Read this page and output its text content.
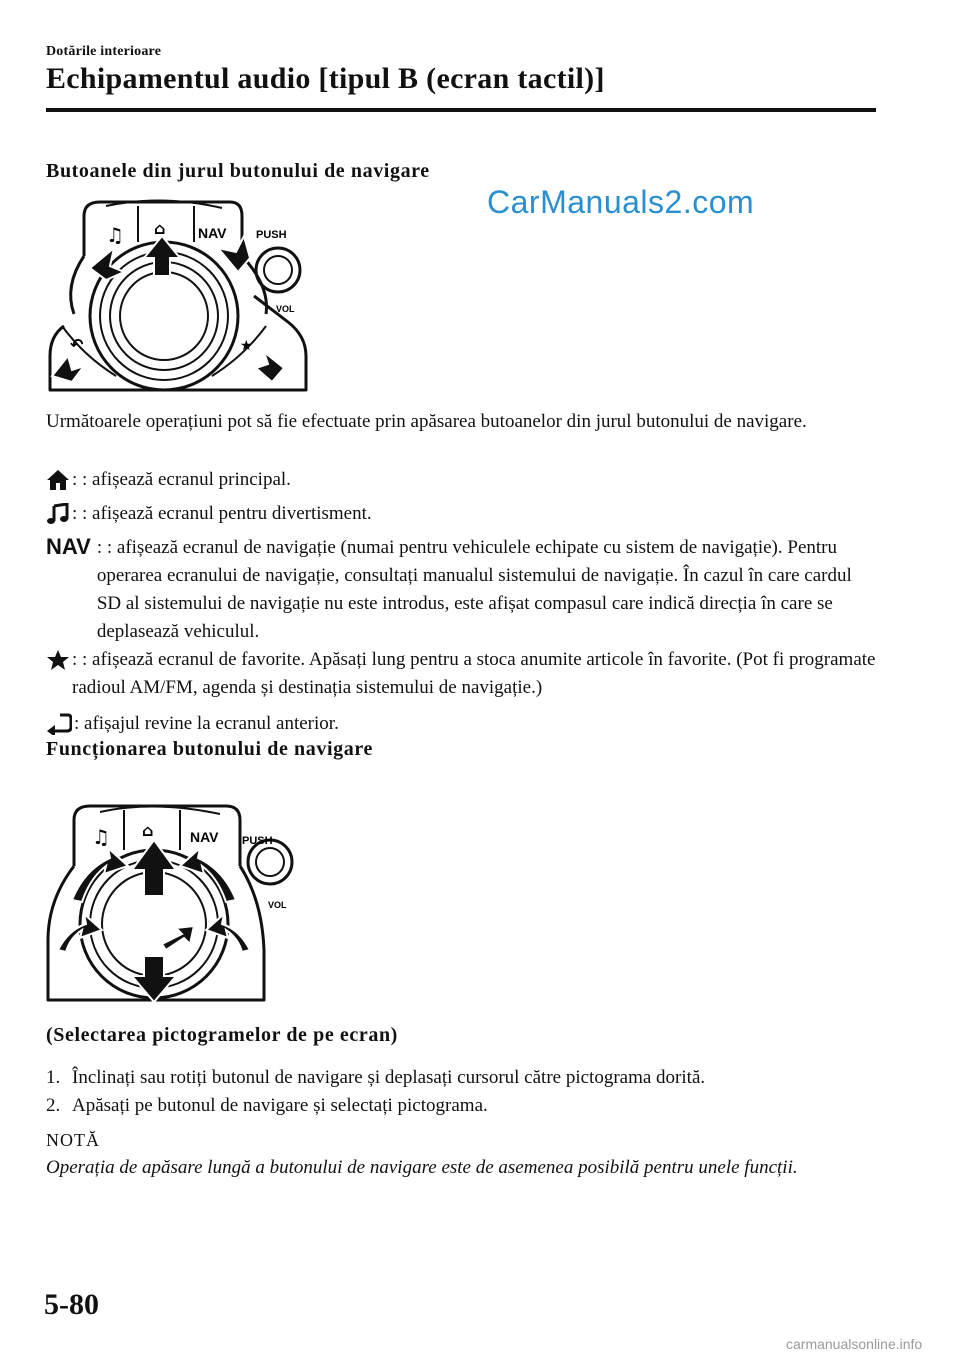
Dotările interioare
Echipamentul audio [tipul B (ecran tactil)]
Butoanele din jurul butonului de navigare
CarManuals2.com
♫ ⌂ NAV	PUSH
VOL
↶	★
Următoarele operațiuni pot să fie efectuate prin apăsarea butoanelor din jurul butonului de navigare.
: : afișează ecranul principal.
: : afișează ecranul pentru divertisment.
NAV : : afișează ecranul de navigație (numai pentru vehiculele echipate cu sistem de navigație). Pentru operarea ecranului de navigație, consultați manualul sistemului de navigație. În cazul în care cardul SD al sistemului de navigație nu este introdus, este afișat compasul care indică direcția în care se deplasează vehiculul.
: : afișează ecranul de favorite. Apăsați lung pentru a stoca anumite articole în favorite. (Pot fi programate radioul AM/FM, agenda și destinația sistemului de navigație.)
: afișajul revine la ecranul anterior.
Funcționarea butonului de navigare
♫ ⌂	NAV PUSH
VOL
(Selectarea pictogramelor de pe ecran)
1. Înclinați sau rotiți butonul de navigare și deplasați cursorul către pictograma dorită.
2. Apăsați pe butonul de navigare și selectați pictograma.
NOTĂ
Operația de apăsare lungă a butonului de navigare este de asemenea posibilă pentru unele funcții.
5-80
carmanualsonline.info
